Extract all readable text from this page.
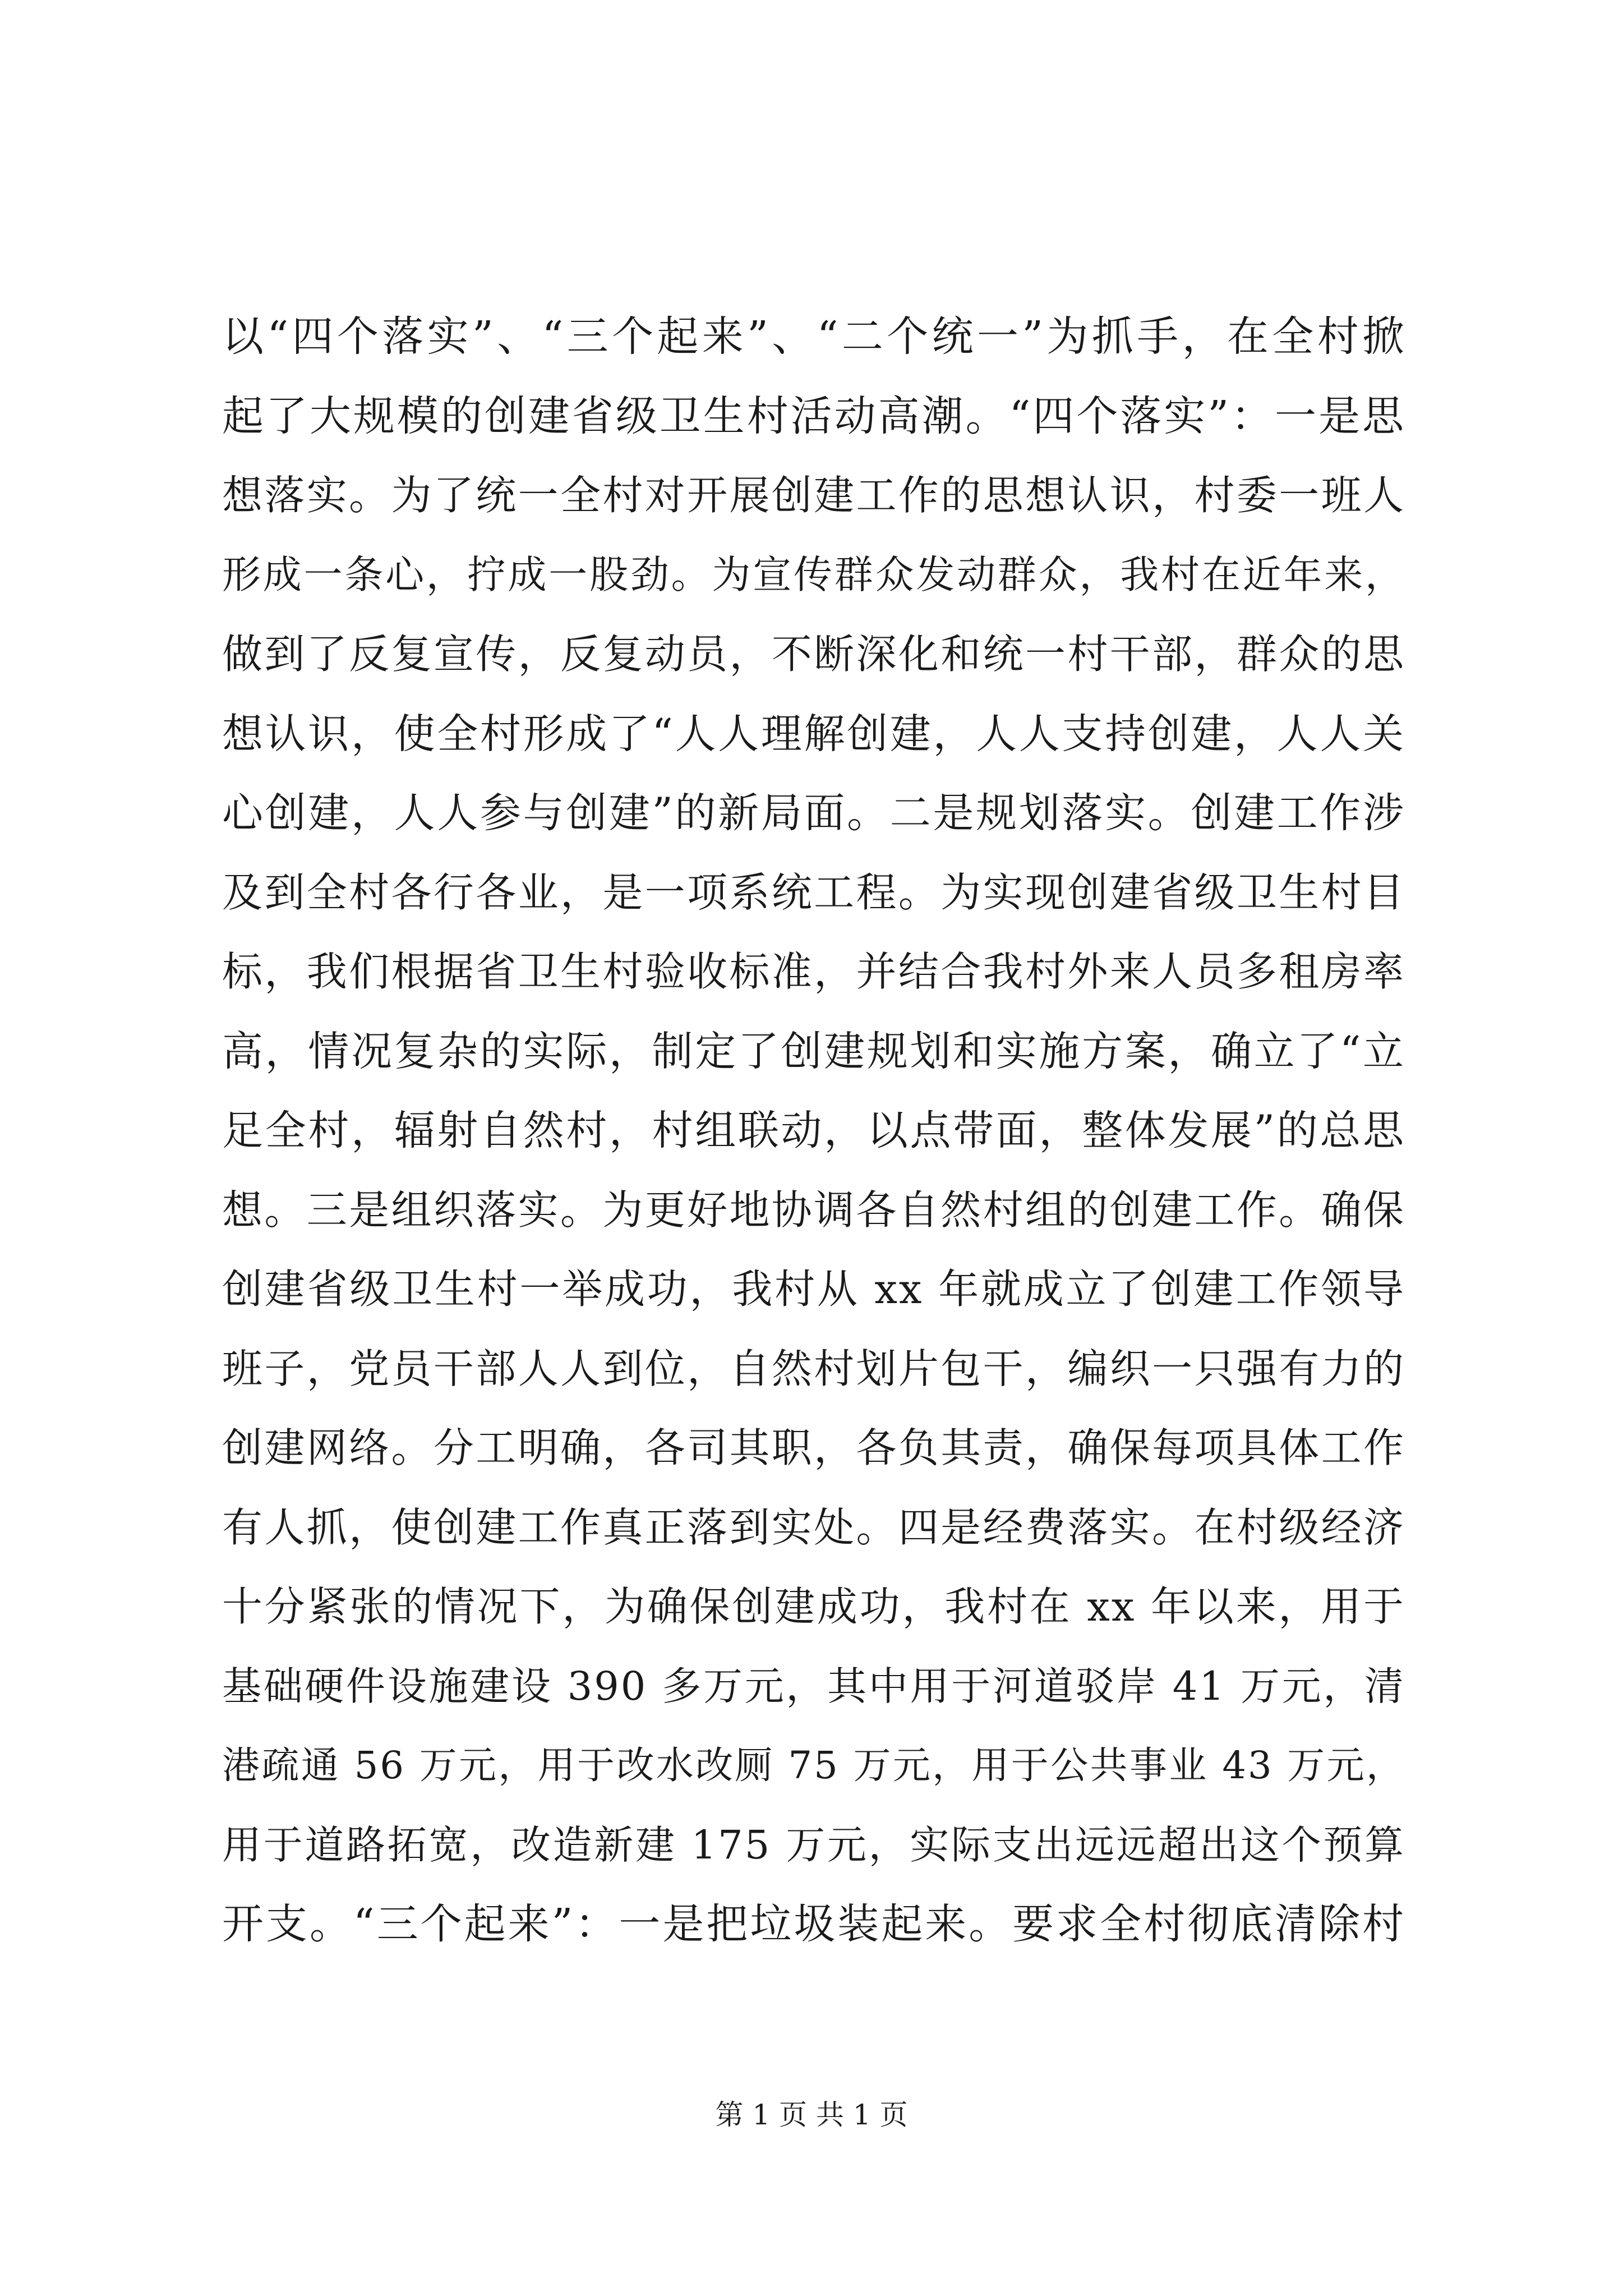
以“四个落实”、“三个起来”、“二个统一”为抓手，在全村掀
起了大规模的创建省级卫生村活动高潮。“四个落实”：一是思
想落实。为了统一全村对开展创建工作的思想认识，村委一班人
形成一条心，拧成一股劲。为宣传群众发动群众，我村在近年来，
做到了反复宣传，反复动员，不断深化和统一村干部，群众的思
想认识，使全村形成了“人人理解创建，人人支持创建，人人关
心创建，人人参与创建”的新局面。二是规划落实。创建工作涉
及到全村各行各业，是一项系统工程。为实现创建省级卫生村目
标，我们根据省卫生村验收标准，并结合我村外来人员多租房率
高，情况复杂的实际，制定了创建规划和实施方案，确立了“立
足全村，辐射自然村，村组联动，以点带面，整体发展”的总思
想。三是组织落实。为更好地协调各自然村组的创建工作。确保
创建省级卫生村一举成功，我村从 xx 年就成立了创建工作领导
班子，党员干部人人到位，自然村划片包干，编织一只强有力的
创建网络。分工明确，各司其职，各负其责，确保每项具体工作
有人抓，使创建工作真正落到实处。四是经费落实。在村级经济
十分紧张的情况下，为确保创建成功，我村在 xx 年以来，用于
基础硬件设施建设 390 多万元，其中用于河道驳岸 41 万元，清
港疏通 56 万元，用于改水改厕 75 万元，用于公共事业 43 万元，
用于道路拓宽，改造新建 175 万元，实际支出远远超出这个预算
开支。“三个起来”：一是把垃圾装起来。要求全村彻底清除村
第 1 页 共 1 页
